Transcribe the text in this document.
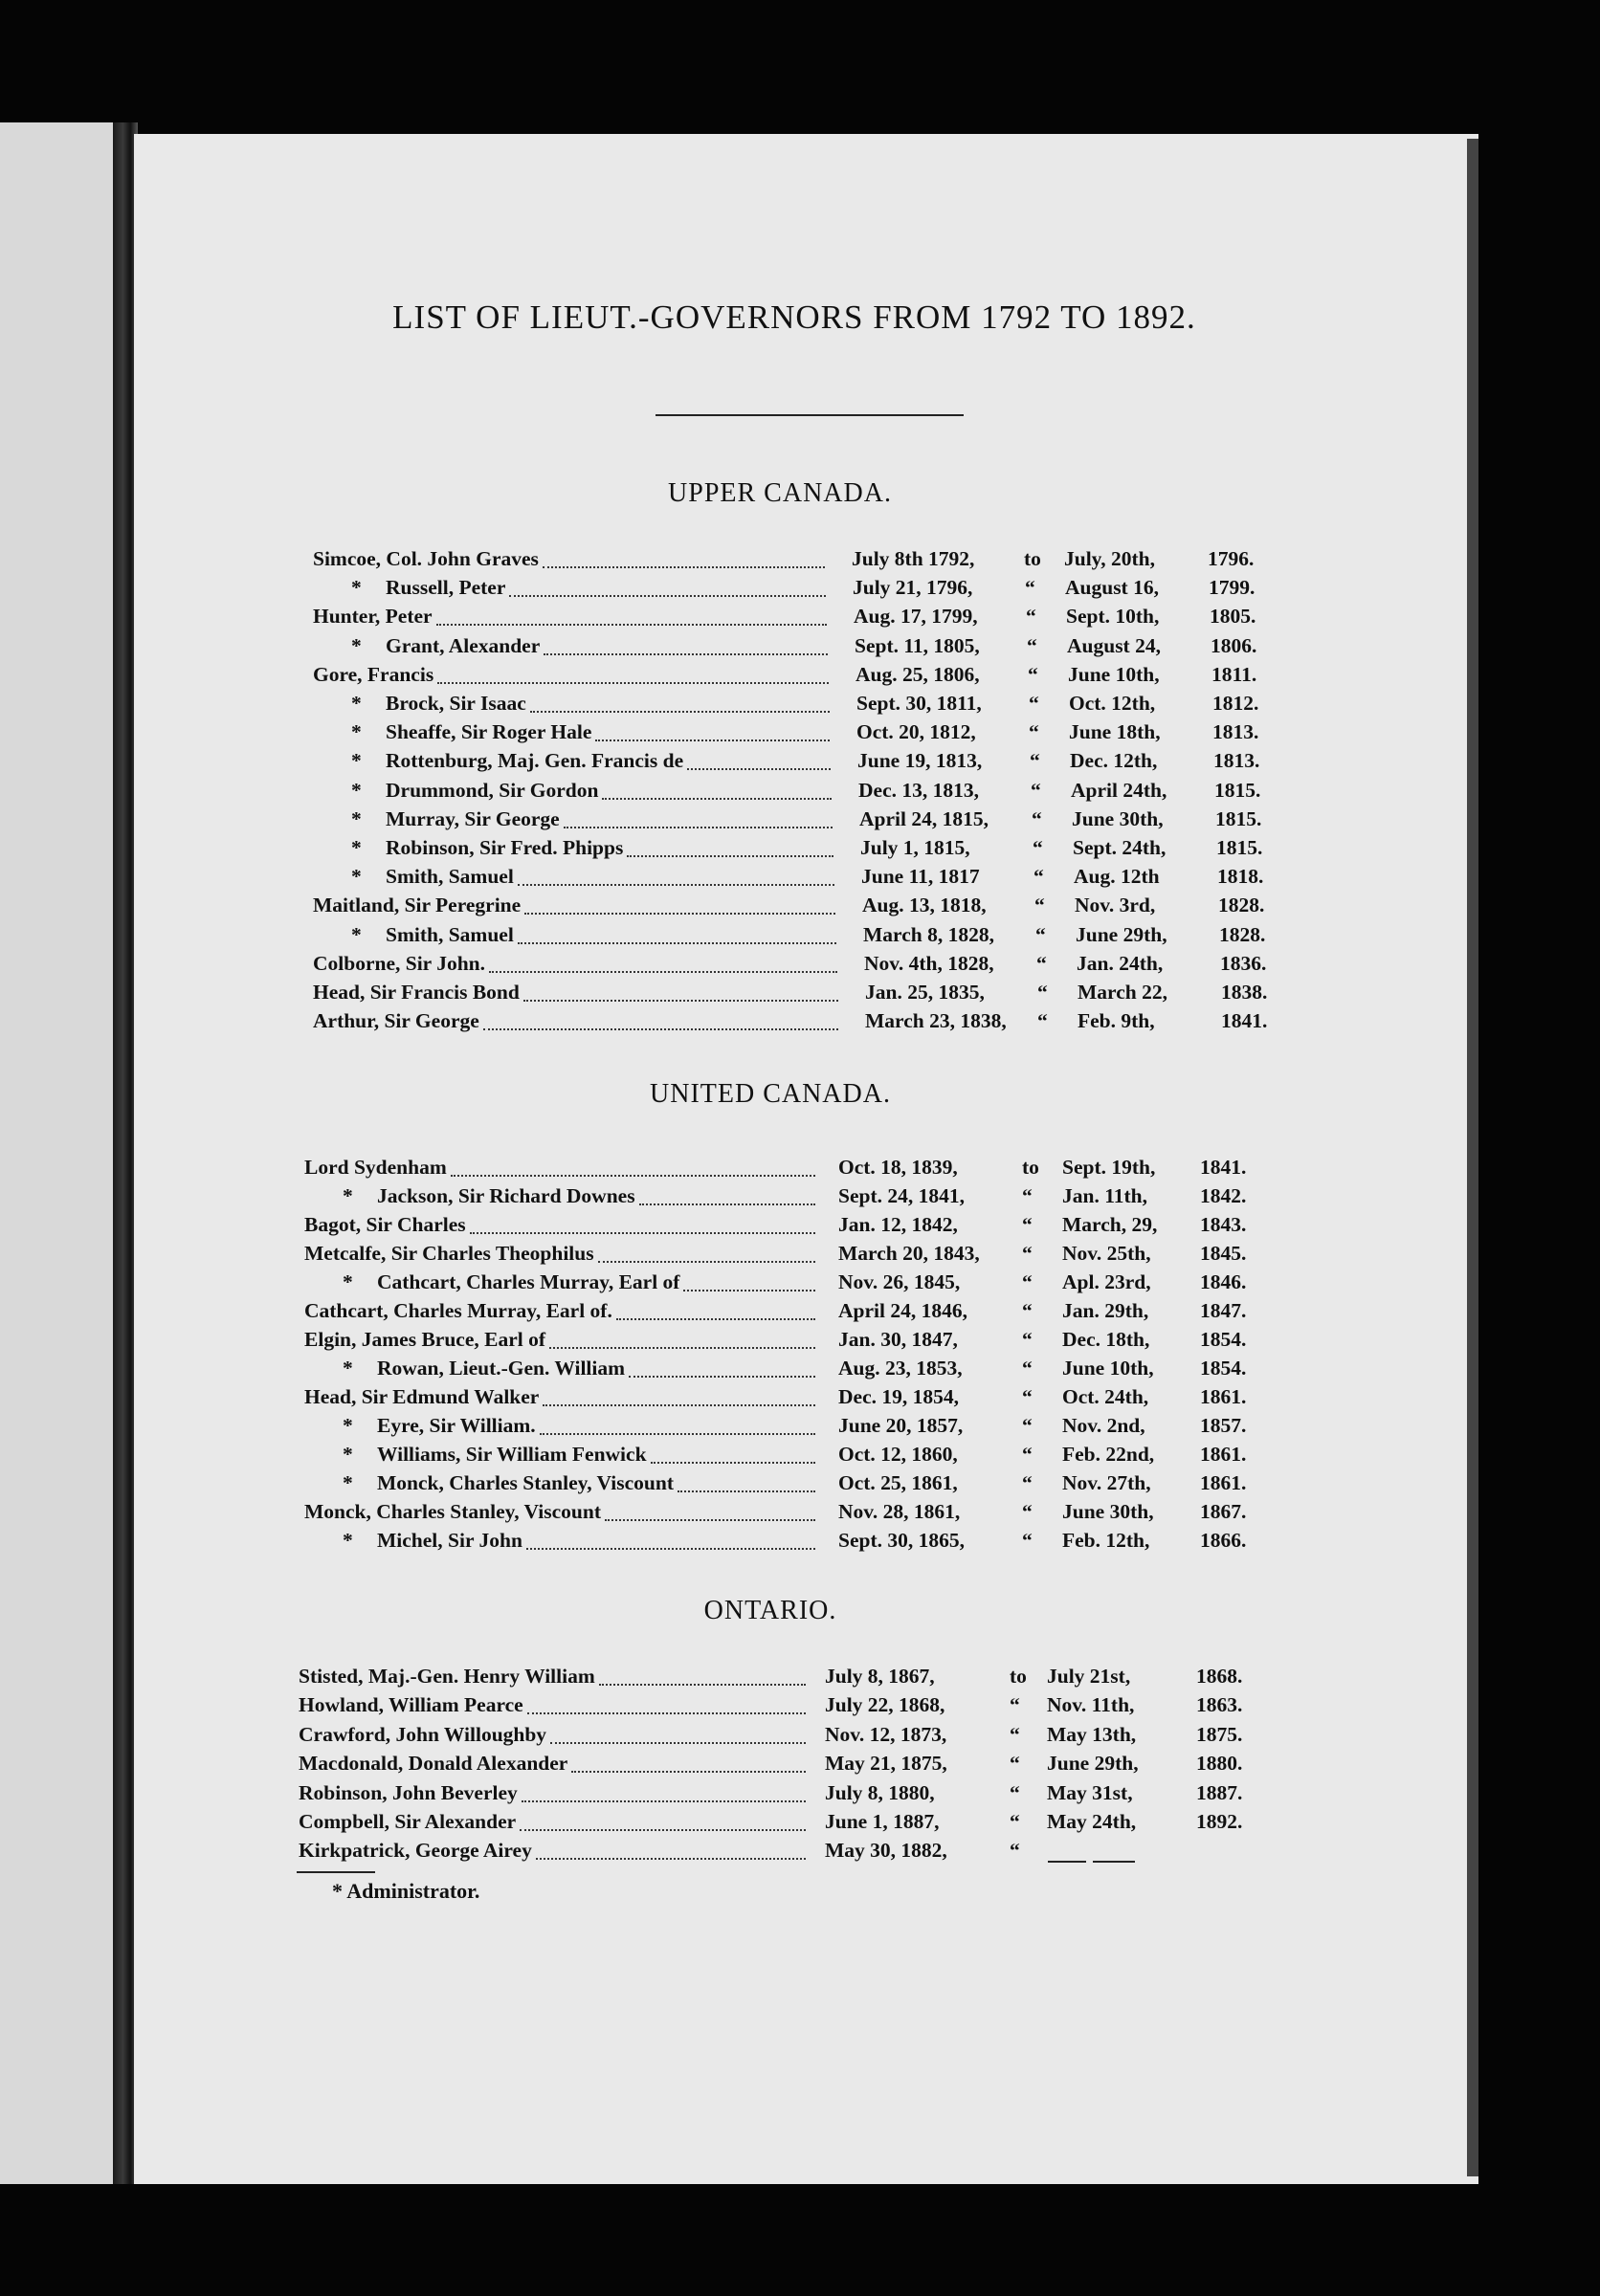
LIST OF LIEUT.-GOVERNORS FROM 1792 TO 1892.
UPPER CANADA.
Simcoe, Col. John Graves	July 8th 1792, to July, 20th,	1796.
* Russell, Peter	July 21, 1796,	“ August 16, 1799.
Hunter, Peter	Aug. 17, 1799, “ Sept. 10th, 1805.
* Grant, Alexander	Sept. 11, 1805, “ August 24, 1806.
Gore, Francis	Aug. 25, 1806, “ June 10th,	1811.
* Brock, Sir Isaac	Sept. 30, 1811, “ Oct. 12th,	1812.
* Sheaffe, Sir Roger Hale	Oct. 20, 1812,	“ June 18th,	1813.
* Rottenburg, Maj. Gen. Francis de	June 19, 1813, “ Dec. 12th,	1813.
* Drummond, Sir Gordon	Dec. 13, 1813,	“ April 24th, 1815.
* Murray, Sir George	April 24, 1815, “ June 30th,	1815.
* Robinson, Sir Fred. Phipps	July 1, 1815,	“ Sept. 24th, 1815.
* Smith, Samuel	June 11, 1817	“ Aug. 12th	1818.
Maitland, Sir Peregrine	Aug. 13, 1818, “ Nov. 3rd,	1828.
* Smith, Samuel	March 8, 1828, “ June 29th,	1828.
Colborne, Sir John.	Nov. 4th, 1828, “ Jan. 24th,	1836.
Head, Sir Francis Bond	Jan. 25, 1835,	“ March 22,	1838.
Arthur, Sir George	March 23, 1838, “ Feb. 9th,	1841.
UNITED CANADA.
Lord Sydenham	Oct. 18, 1839,	to Sept. 19th, 1841.
* Jackson, Sir Richard Downes	Sept. 24, 1841,	“ Jan. 11th,	1842.
Bagot, Sir Charles	Jan. 12, 1842,	“ March, 29, 1843.
Metcalfe, Sir Charles Theophilus	March 20, 1843, “ Nov. 25th, 1845.
* Cathcart, Charles Murray, Earl of	Nov. 26, 1845,	“ Apl. 23rd, 1846.
Cathcart, Charles Murray, Earl of.	April 24, 1846,	“ Jan. 29th,	1847.
Elgin, James Bruce, Earl of	Jan. 30, 1847,	“ Dec. 18th, 1854.
* Rowan, Lieut.-Gen. William	Aug. 23, 1853,	“ June 10th, 1854.
Head, Sir Edmund Walker	Dec. 19, 1854,	“ Oct. 24th,	1861.
* Eyre, Sir William.	June 20, 1857,	“ Nov. 2nd,	1857.
* Williams, Sir William Fenwick	Oct. 12, 1860,	“ Feb. 22nd, 1861.
* Monck, Charles Stanley, Viscount	Oct. 25, 1861,	“ Nov. 27th, 1861.
Monck, Charles Stanley, Viscount	Nov. 28, 1861,	“ June 30th, 1867.
* Michel, Sir John	Sept. 30, 1865,	“ Feb. 12th, 1866.
ONTARIO.
Stisted, Maj.-Gen. Henry William	July 8, 1867,	to July 21st,	1868.
Howland, William Pearce	July 22, 1868,	“ Nov. 11th,	1863.
Crawford, John Willoughby	Nov. 12, 1873,	“ May 13th,	1875.
Macdonald, Donald Alexander	May 21, 1875,	“ June 29th,	1880.
Robinson, John Beverley	July 8, 1880,	“ May 31st,	1887.
Compbell, Sir Alexander	June 1, 1887,	“ May 24th,	1892.
Kirkpatrick, George Airey	May 30, 1882,	“
* Administrator.
